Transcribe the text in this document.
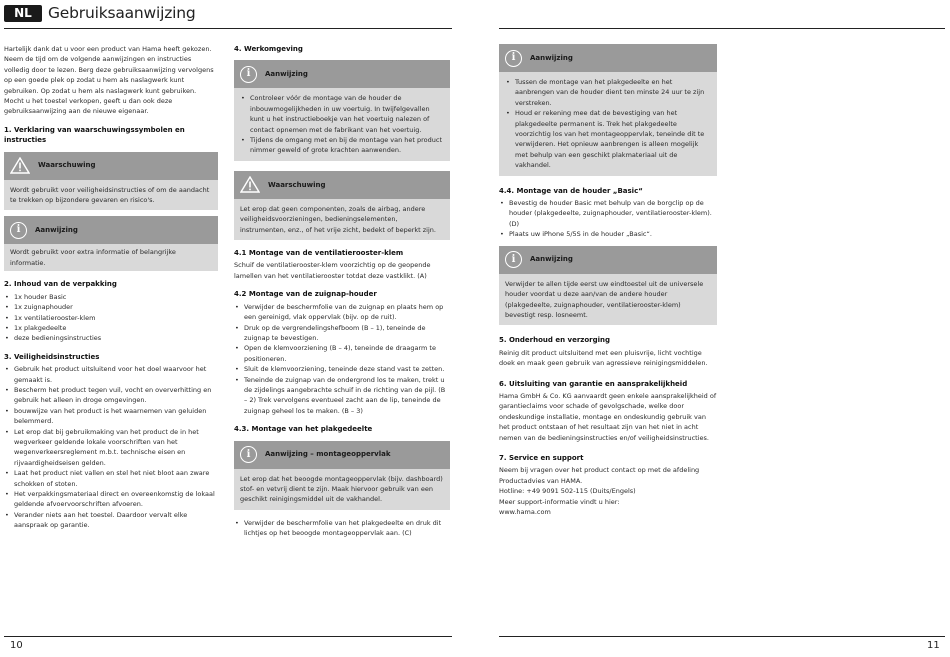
NL	Gebruiksaanwijzing

Hartelijk dank dat u voor een product van Hama heeft gekozen. Neem de tijd om de volgende aanwijzingen en instructies volledig door te lezen. Berg deze gebruiksaanwijzing vervolgens op een goede plek op zodat u hem als naslagwerk kunt gebruiken. Op zodat u hem als naslagwerk kunt gebruiken. Mocht u het toestel verkopen, geeft u dan ook deze gebruiksaanwijzing aan de nieuwe eigenaar.

1. Verklaring van waarschuwingssymbolen en instructies
Waarschuwing

Wordt gebruikt voor veiligheidsinstructies of om de aandacht te trekken op bijzondere gevaren en risico's.

i Aanwijzing

Wordt gebruikt voor extra informatie of belangrijke informatie.

2. Inhoud van de verpakking
• 1x houder Basic
• 1x zuignaphouder
• 1x ventilatierooster-klem
• 1x plakgedeelte
• deze bedieningsinstructies
3. Veiligheidsinstructies
• Gebruik het product uitsluitend voor het doel waarvoor het gemaakt is.
• Bescherm het product tegen vuil, vocht en oververhitting en gebruik het alleen in droge omgevingen.
• bouwwijze van het product is het waarnemen van geluiden belemmerd.
• Let erop dat bij gebruikmaking van het product de in het wegverkeer geldende lokale voorschriften van het wegenverkeersreglement m.b.t. technische eisen en rijvaardigheidseisen gelden.
• Laat het product niet vallen en stel het niet bloot aan zware schokken of stoten.
• Het verpakkingsmateriaal direct en overeenkomstig de lokaal geldende afvoervoorschriften afvoeren.
• Verander niets aan het toestel. Daardoor vervalt elke aanspraak op garantie.
4. Werkomgeving
i Aanwijzing
• Controleer vóór de montage van de houder de inbouwmogelijkheden in uw voertuig. In twijfelgevallen kunt u het instructieboekje van het voertuig nalezen of contact opnemen met de fabrikant van het voertuig.
• Tijdens de omgang met en bij de montage van het product nimmer geweld of grote krachten aanwenden.
Waarschuwing

Let erop dat geen componenten, zoals de airbag, andere veiligheidsvoorzieningen, bedieningselementen, instrumenten, enz., of het vrije zicht, bedekt of beperkt zijn.

4.1 Montage van de ventilatierooster-klem

Schuif de ventilatierooster-klem voorzichtig op de geopende lamellen van het ventilatierooster totdat deze vastklikt. (A)

4.2 Montage van de zuignap-houder
• Verwijder de beschermfolie van de zuignap en plaats hem op een gereinigd, vlak oppervlak (bijv. op de ruit).
• Druk op de vergrendelingshefboom (B – 1), teneinde de zuignap te bevestigen.
• Open de klemvoorziening (B – 4), teneinde de draagarm te positioneren.
• Sluit de klemvoorziening, teneinde deze stand vast te zetten.
• Teneinde de zuignap van de ondergrond los te maken, trekt u de zijdelings aangebrachte schuif in de richting van de pijl. (B – 2) Trek vervolgens eventueel zacht aan de lip, teneinde de zuignap geheel los te maken. (B – 3)
4.3. Montage van het plakgedeelte
i Aanwijzing – montageoppervlak

Let erop dat het beoogde montageoppervlak (bijv. dashboard) stof- en vetvrij dient te zijn. Maak hiervoor gebruik van een geschikt reinigingsmiddel uit de vakhandel.

• Verwijder de beschermfolie van het plakgedeelte en druk dit lichtjes op het beoogde montageoppervlak aan. (C)
10
i Aanwijzing
• Tussen de montage van het plakgedeelte en het aanbrengen van de houder dient ten minste 24 uur te zijn verstreken.
• Houd er rekening mee dat de bevestiging van het plakgedeelte permanent is. Trek het plakgedeelte voorzichtig los van het montageoppervlak, teneinde dit te verwijderen. Het opnieuw aanbrengen is alleen mogelijk met behulp van een geschikt plakmateriaal uit de vakhandel.
4.4. Montage van de houder „Basic“
• Bevestig de houder Basic met behulp van de borgclip op de houder (plakgedeelte, zuignaphouder, ventilatierooster-klem). (D)
• Plaats uw iPhone 5/5S in de houder „Basic“.
i Aanwijzing

Verwijder te allen tijde eerst uw eindtoestel uit de universele houder voordat u deze aan/van de andere houder (plakgedeelte, zuignaphouder, ventilatierooster-klem) bevestigt resp. losneemt.

5. Onderhoud en verzorging

Reinig dit product uitsluitend met een pluisvrije, licht vochtige doek en maak geen gebruik van agressieve reinigingsmiddelen.

6. Uitsluiting van garantie en aansprakelijkheid

Hama GmbH & Co. KG aanvaardt geen enkele aansprakelijkheid of garantieclaims voor schade of gevolgschade, welke door ondeskundige installatie, montage en ondeskundig gebruik van het product ontstaan of het resultaat zijn van het niet in acht nemen van de bedieningsinstructies en/of veiligheidsinstructies.

7. Service en support

Neem bij vragen over het product contact op met de afdeling Productadvies van HAMA.

Hotline: +49 9091 502-115 (Duits/Engels)

Meer support-informatie vindt u hier:

www.hama.com

11
